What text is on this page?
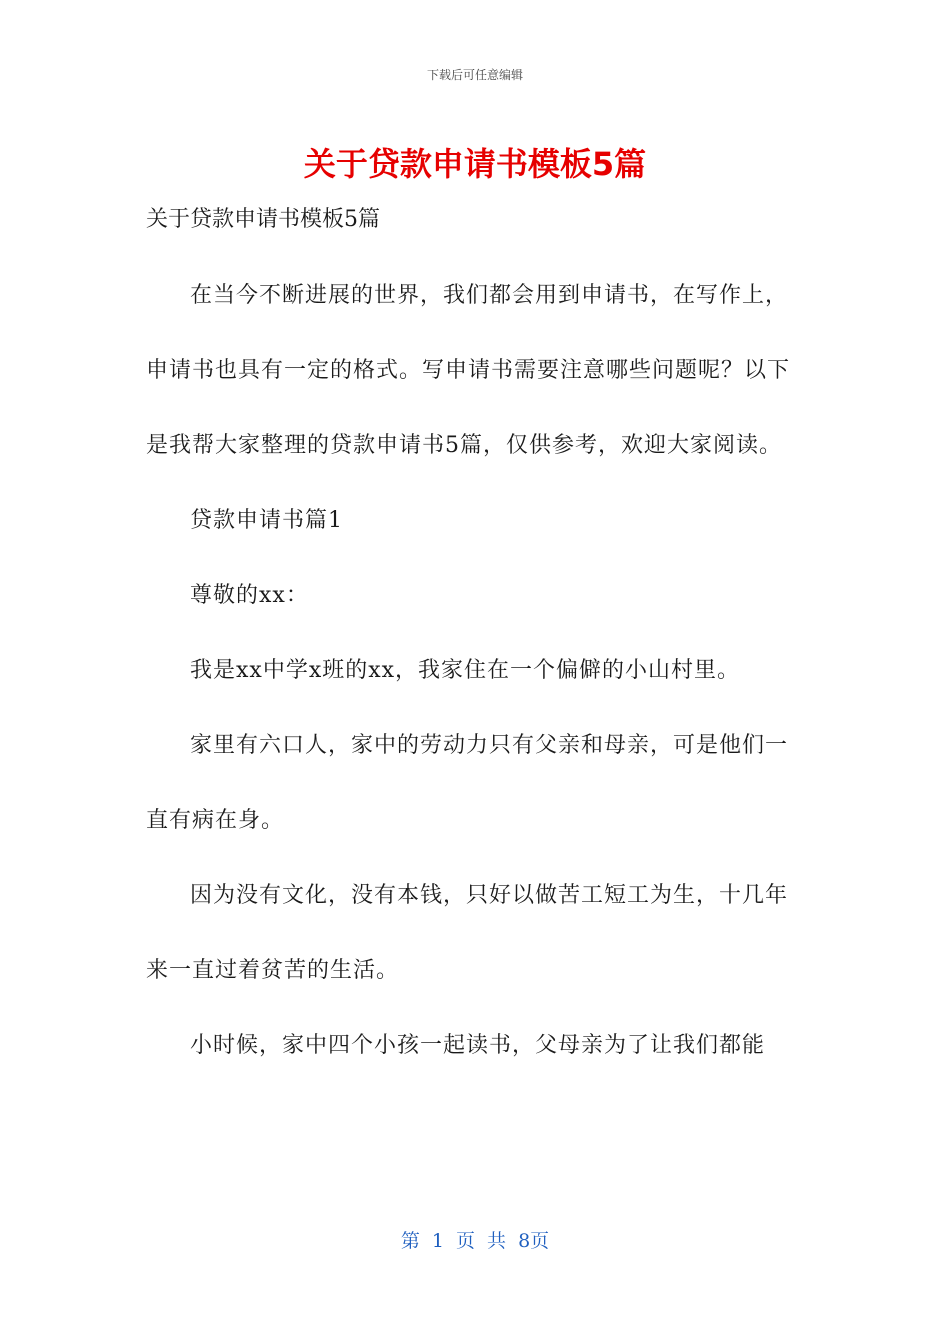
下载后可任意编辑
关于贷款申请书模板5篇

关于贷款申请书模板5篇

在当今不断进展的世界，我们都会用到申请书，在写作上，申请书也具有一定的格式。写申请书需要注意哪些问题呢？以下是我帮大家整理的贷款申请书5篇，仅供参考，欢迎大家阅读。

贷款申请书篇1

尊敬的xx：

我是xx中学x班的xx，我家住在一个偏僻的小山村里。

家里有六口人，家中的劳动力只有父亲和母亲，可是他们一直有病在身。

因为没有文化，没有本钱，只好以做苦工短工为生，十几年来一直过着贫苦的生活。

小时候，家中四个小孩一起读书，父母亲为了让我们都能

第 1 页 共 8页
